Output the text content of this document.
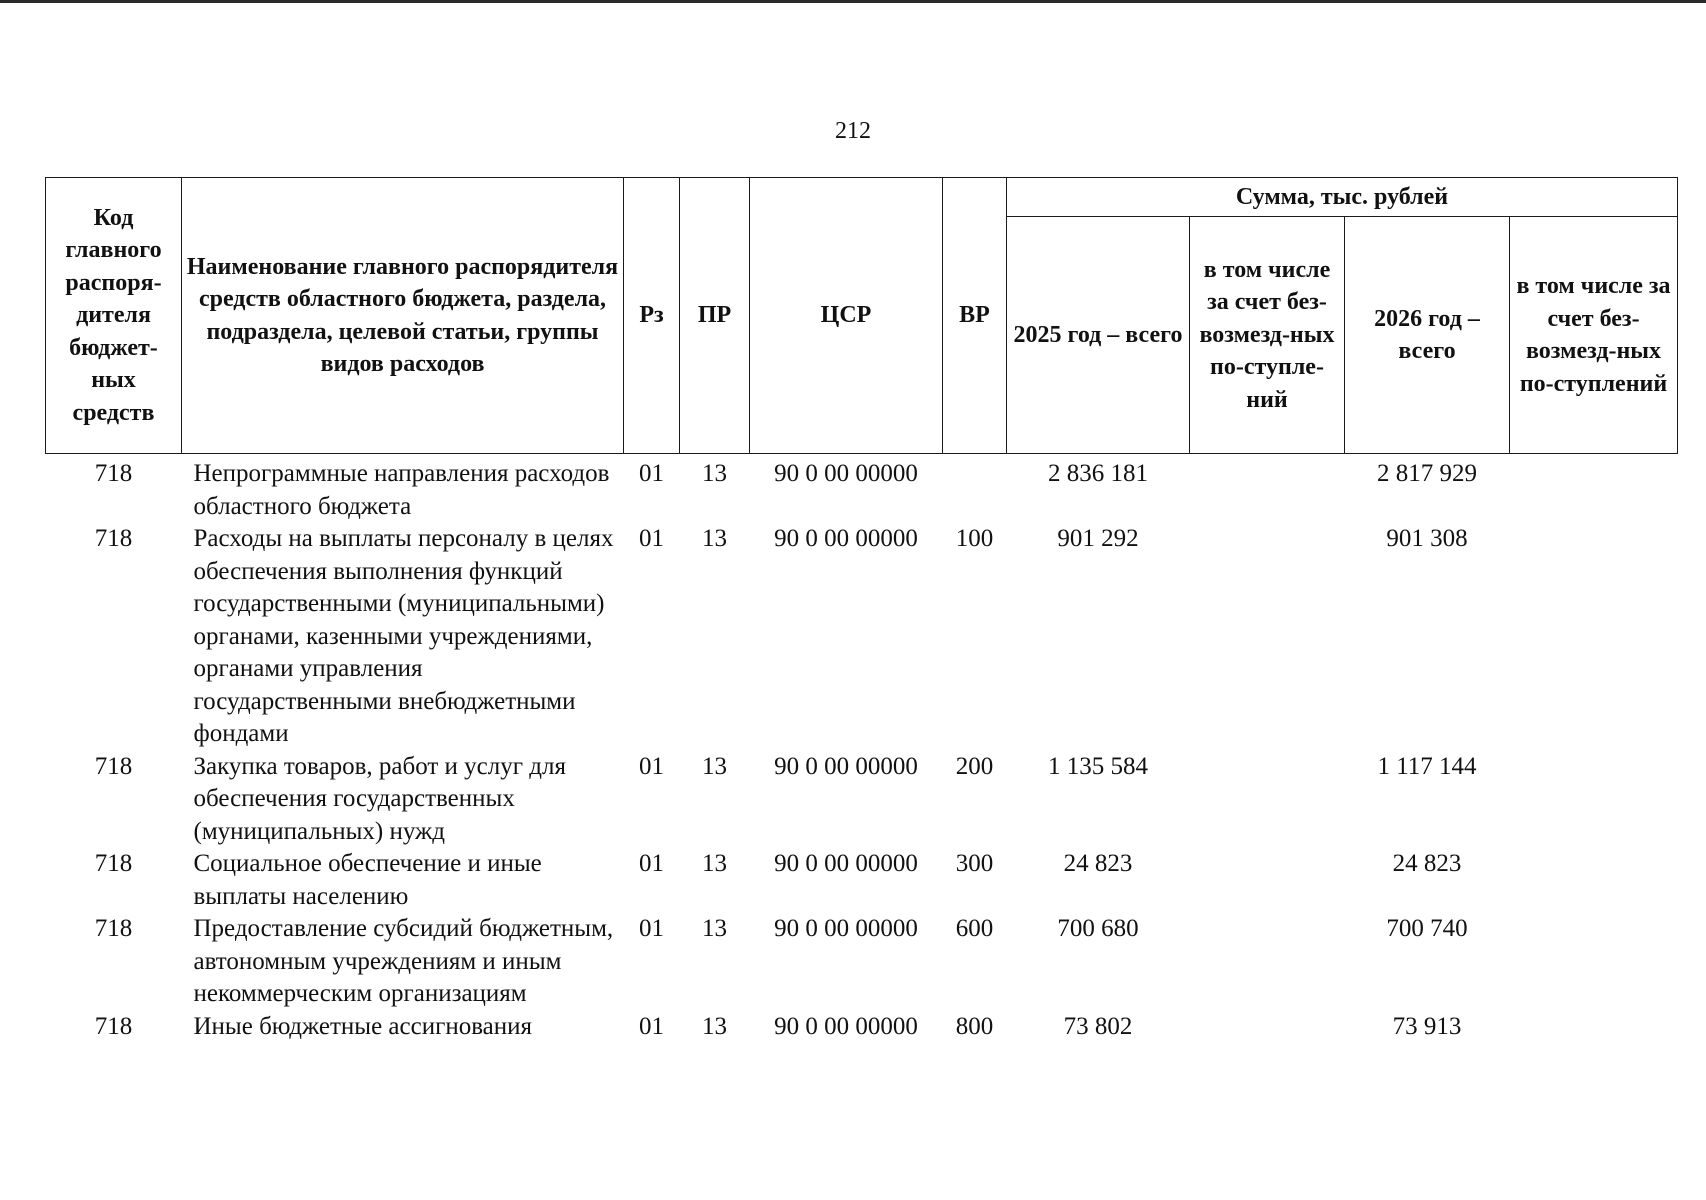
212
Код главного распоря-дителя бюджет-ных средств	Наименование главного распорядителя средств областного бюджета, раздела, подраздела, целевой статьи, группы видов расходов	Рз	ПР	ЦСР	ВР	Сумма, тыс. рублей			
						2025 год – всего	в том числе за счет без-возмезд-ных по-ступле-ний	2026 год – всего	в том числе за счет без-возмезд-ных по-ступлений
718	Непрограммные направления расходов областного бюджета	01	13	90 0 00 00000		2 836 181		2 817 929	
718	Расходы на выплаты персоналу в целях обеспечения выполнения функций государственными (муниципальными) органами, казенными учреждениями, органами управления государственными внебюджетными фондами	01	13	90 0 00 00000	100	901 292		901 308	
718	Закупка товаров, работ и услуг для обеспечения государственных (муниципальных) нужд	01	13	90 0 00 00000	200	1 135 584		1 117 144	
718	Социальное обеспечение и иные выплаты населению	01	13	90 0 00 00000	300	24 823		24 823	
718	Предоставление субсидий бюджетным, автономным учреждениям и иным некоммерческим организациям	01	13	90 0 00 00000	600	700 680		700 740	
718	Иные бюджетные ассигнования	01	13	90 0 00 00000	800	73 802		73 913	
